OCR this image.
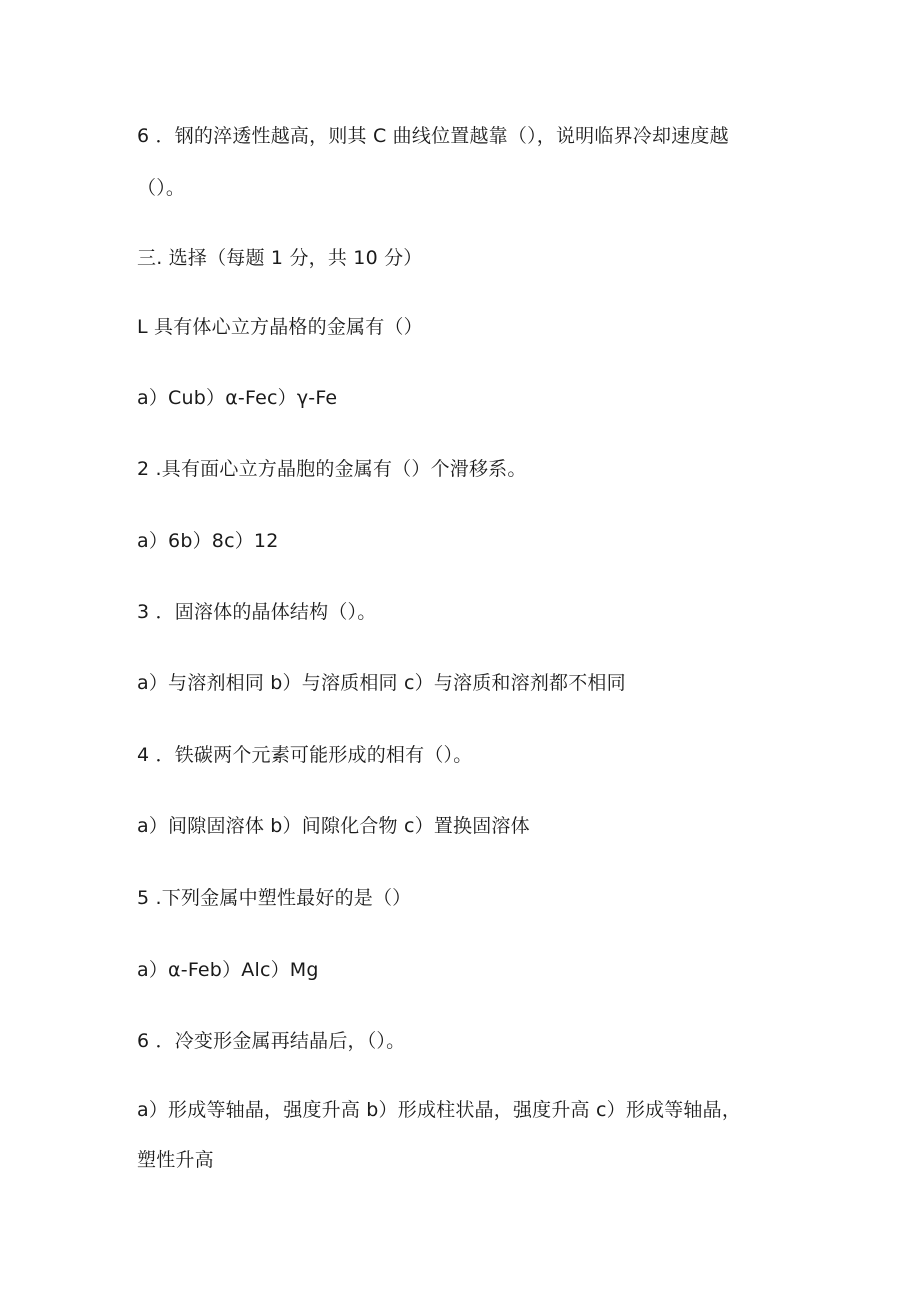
6 ．钢的淬透性越高，则其 C 曲线位置越靠（），说明临界冷却速度越
（）。
三. 选择（每题 1 分，共 10 分）
L 具有体心立方晶格的金属有（）
a）Cub）α-Fec）γ-Fe
2 .具有面心立方晶胞的金属有（）个滑移系。
a）6b）8c）12
3 ．固溶体的晶体结构（）。
a）与溶剂相同 b）与溶质相同 c）与溶质和溶剂都不相同
4 ．铁碳两个元素可能形成的相有（）。
a）间隙固溶体 b）间隙化合物 c）置换固溶体
5 .下列金属中塑性最好的是（）
a）α-Feb）Alc）Mg
6 ．冷变形金属再结晶后，（）。
a）形成等轴晶，强度升高 b）形成柱状晶，强度升高 c）形成等轴晶，
塑性升高
